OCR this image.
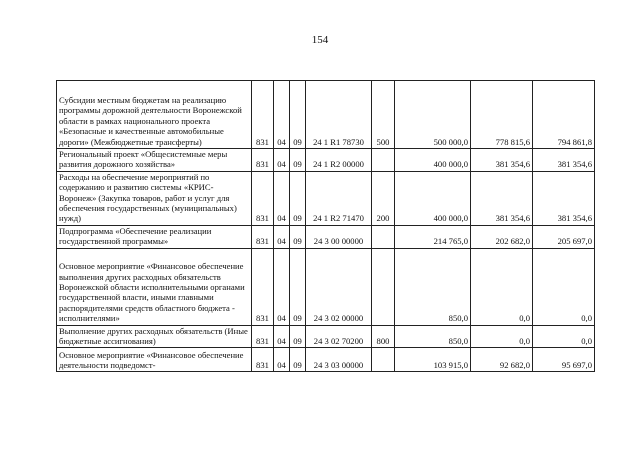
154
Субсидии местным бюджетам на реализацию программы дорожной деятельности Воронежской области в рамках национального проекта «Безопасные и качественные автомобильные дороги» (Межбюджетные трансферты)	831	04	09	24 1 R1 78730	500	500 000,0	778 815,6	794 861,8
Региональный проект «Общесистемные меры развития дорожного хозяйства»	831	04	09	24 1 R2 00000		400 000,0	381 354,6	381 354,6
Расходы на обеспечение мероприятий по содержанию и развитию системы «КРИС-Воронеж» (Закупка товаров, работ и услуг для обеспечения государственных (муниципальных) нужд)	831	04	09	24 1 R2 71470	200	400 000,0	381 354,6	381 354,6
Подпрограмма «Обеспечение реализации государственной программы»	831	04	09	24 3 00 00000		214 765,0	202 682,0	205 697,0
Основное мероприятие «Финансовое обеспечение выполнения других расходных обязательств Воронежской области исполнительными органами государственной власти, иными главными распорядителями средств областного бюджета - исполнителями»	831	04	09	24 3 02 00000		850,0	0,0	0,0
Выполнение других расходных обязательств (Иные бюджетные ассигнования)	831	04	09	24 3 02 70200	800	850,0	0,0	0,0
Основное мероприятие «Финансовое обеспечение деятельности подведомст-	831	04	09	24 3 03 00000		103 915,0	92 682,0	95 697,0
